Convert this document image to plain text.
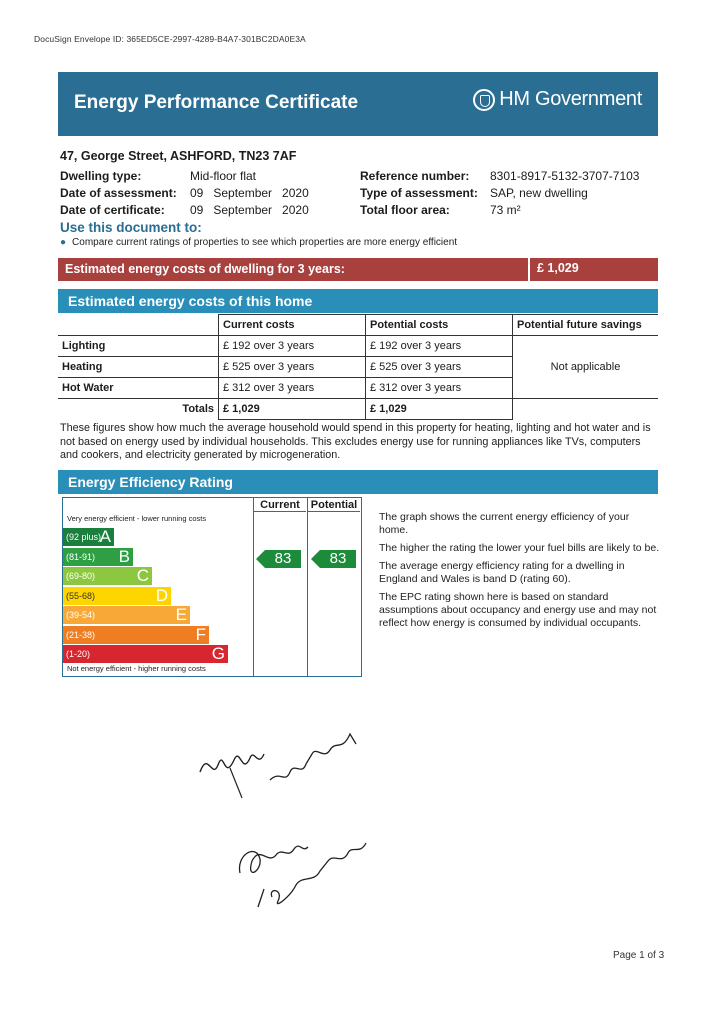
DocuSign Envelope ID: 365ED5CE-2997-4289-B4A7-301BC2DA0E3A
Energy Performance Certificate	HM Government
47, George Street, ASHFORD, TN23 7AF
Dwelling type:	Mid-floor flat
Date of assessment: 09   September   2020
Date of certificate: 09   September   2020
Reference number: 8301-8917-5132-3707-7103
Type of assessment: SAP, new dwelling
Total floor area:	73 m²
Use this document to:
● Compare current ratings of properties to see which properties are more energy efficient
Estimated energy costs of dwelling for 3 years:	£ 1,029
Estimated energy costs of this home
	Current costs	Potential costs	Potential future savings
Lighting	£ 192 over 3 years	£ 192 over 3 years	Not applicable
Heating	£ 525 over 3 years	£ 525 over 3 years	
Hot Water	£ 312 over 3 years	£ 312 over 3 years	
Totals	£ 1,029	£ 1,029	
These figures show how much the average household would spend in this property for heating, lighting and hot water and is not based on energy used by individual households. This excludes energy use for running appliances like TVs, computers and cookers, and electricity generated by microgeneration.
Energy Efficiency Rating
Very energy efficient - lower running costs
(92 plus)
A
(81-91) B
(69-80) C
(55-68)	D
(39-54)	E
(21-38)	F
(1-20)	G
Not energy efficient - higher running costs
Current
83
Potential
83

The graph shows the current energy efficiency of your home.

The higher the rating the lower your fuel bills are likely to be.

The average energy efficiency rating for a dwelling in England and Wales is band D (rating 60).

The EPC rating shown here is based on standard assumptions about occupancy and energy use and may not reflect how energy is consumed by individual occupants.

Page 1 of 3
